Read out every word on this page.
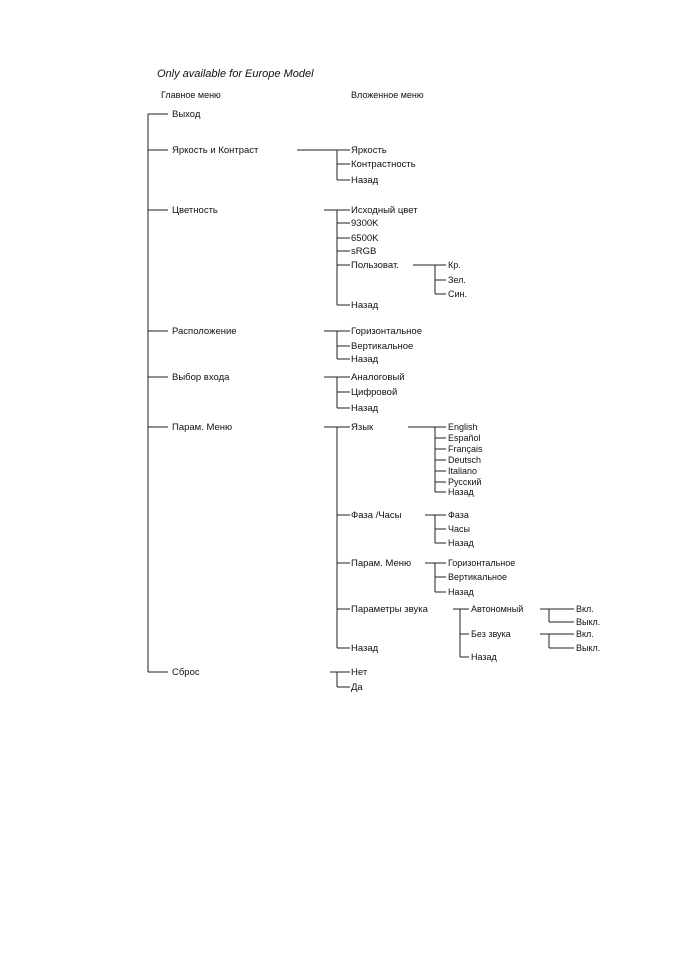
Only available for Europe Model
Главное меню	Вложенное меню
Выход
Яркость и Контраст	Яркость
Контрастность
Назад
Цветность	Исходный цвет
9300K
6500K
sRGB
Пользоват.	Кр.
Зел.
Син.
Назад
Расположение	Горизонтальное
Вертикальное
Назад
Выбор входа	Аналоговый
Цифровой
Назад
Парам. Меню	Язык	English
Español
Français
Deutsch
Italiano
Русский
Назад
Фаза /Часы	Фаза
Часы
Назад
Парам. Меню	Горизонтальное
Вертикальное
Назад
Параметры звука	Автономный	Вкл.
Выкл.
Без звука	Вкл.
Выкл.
Назад
Назад
Сброс	Нет
Да
